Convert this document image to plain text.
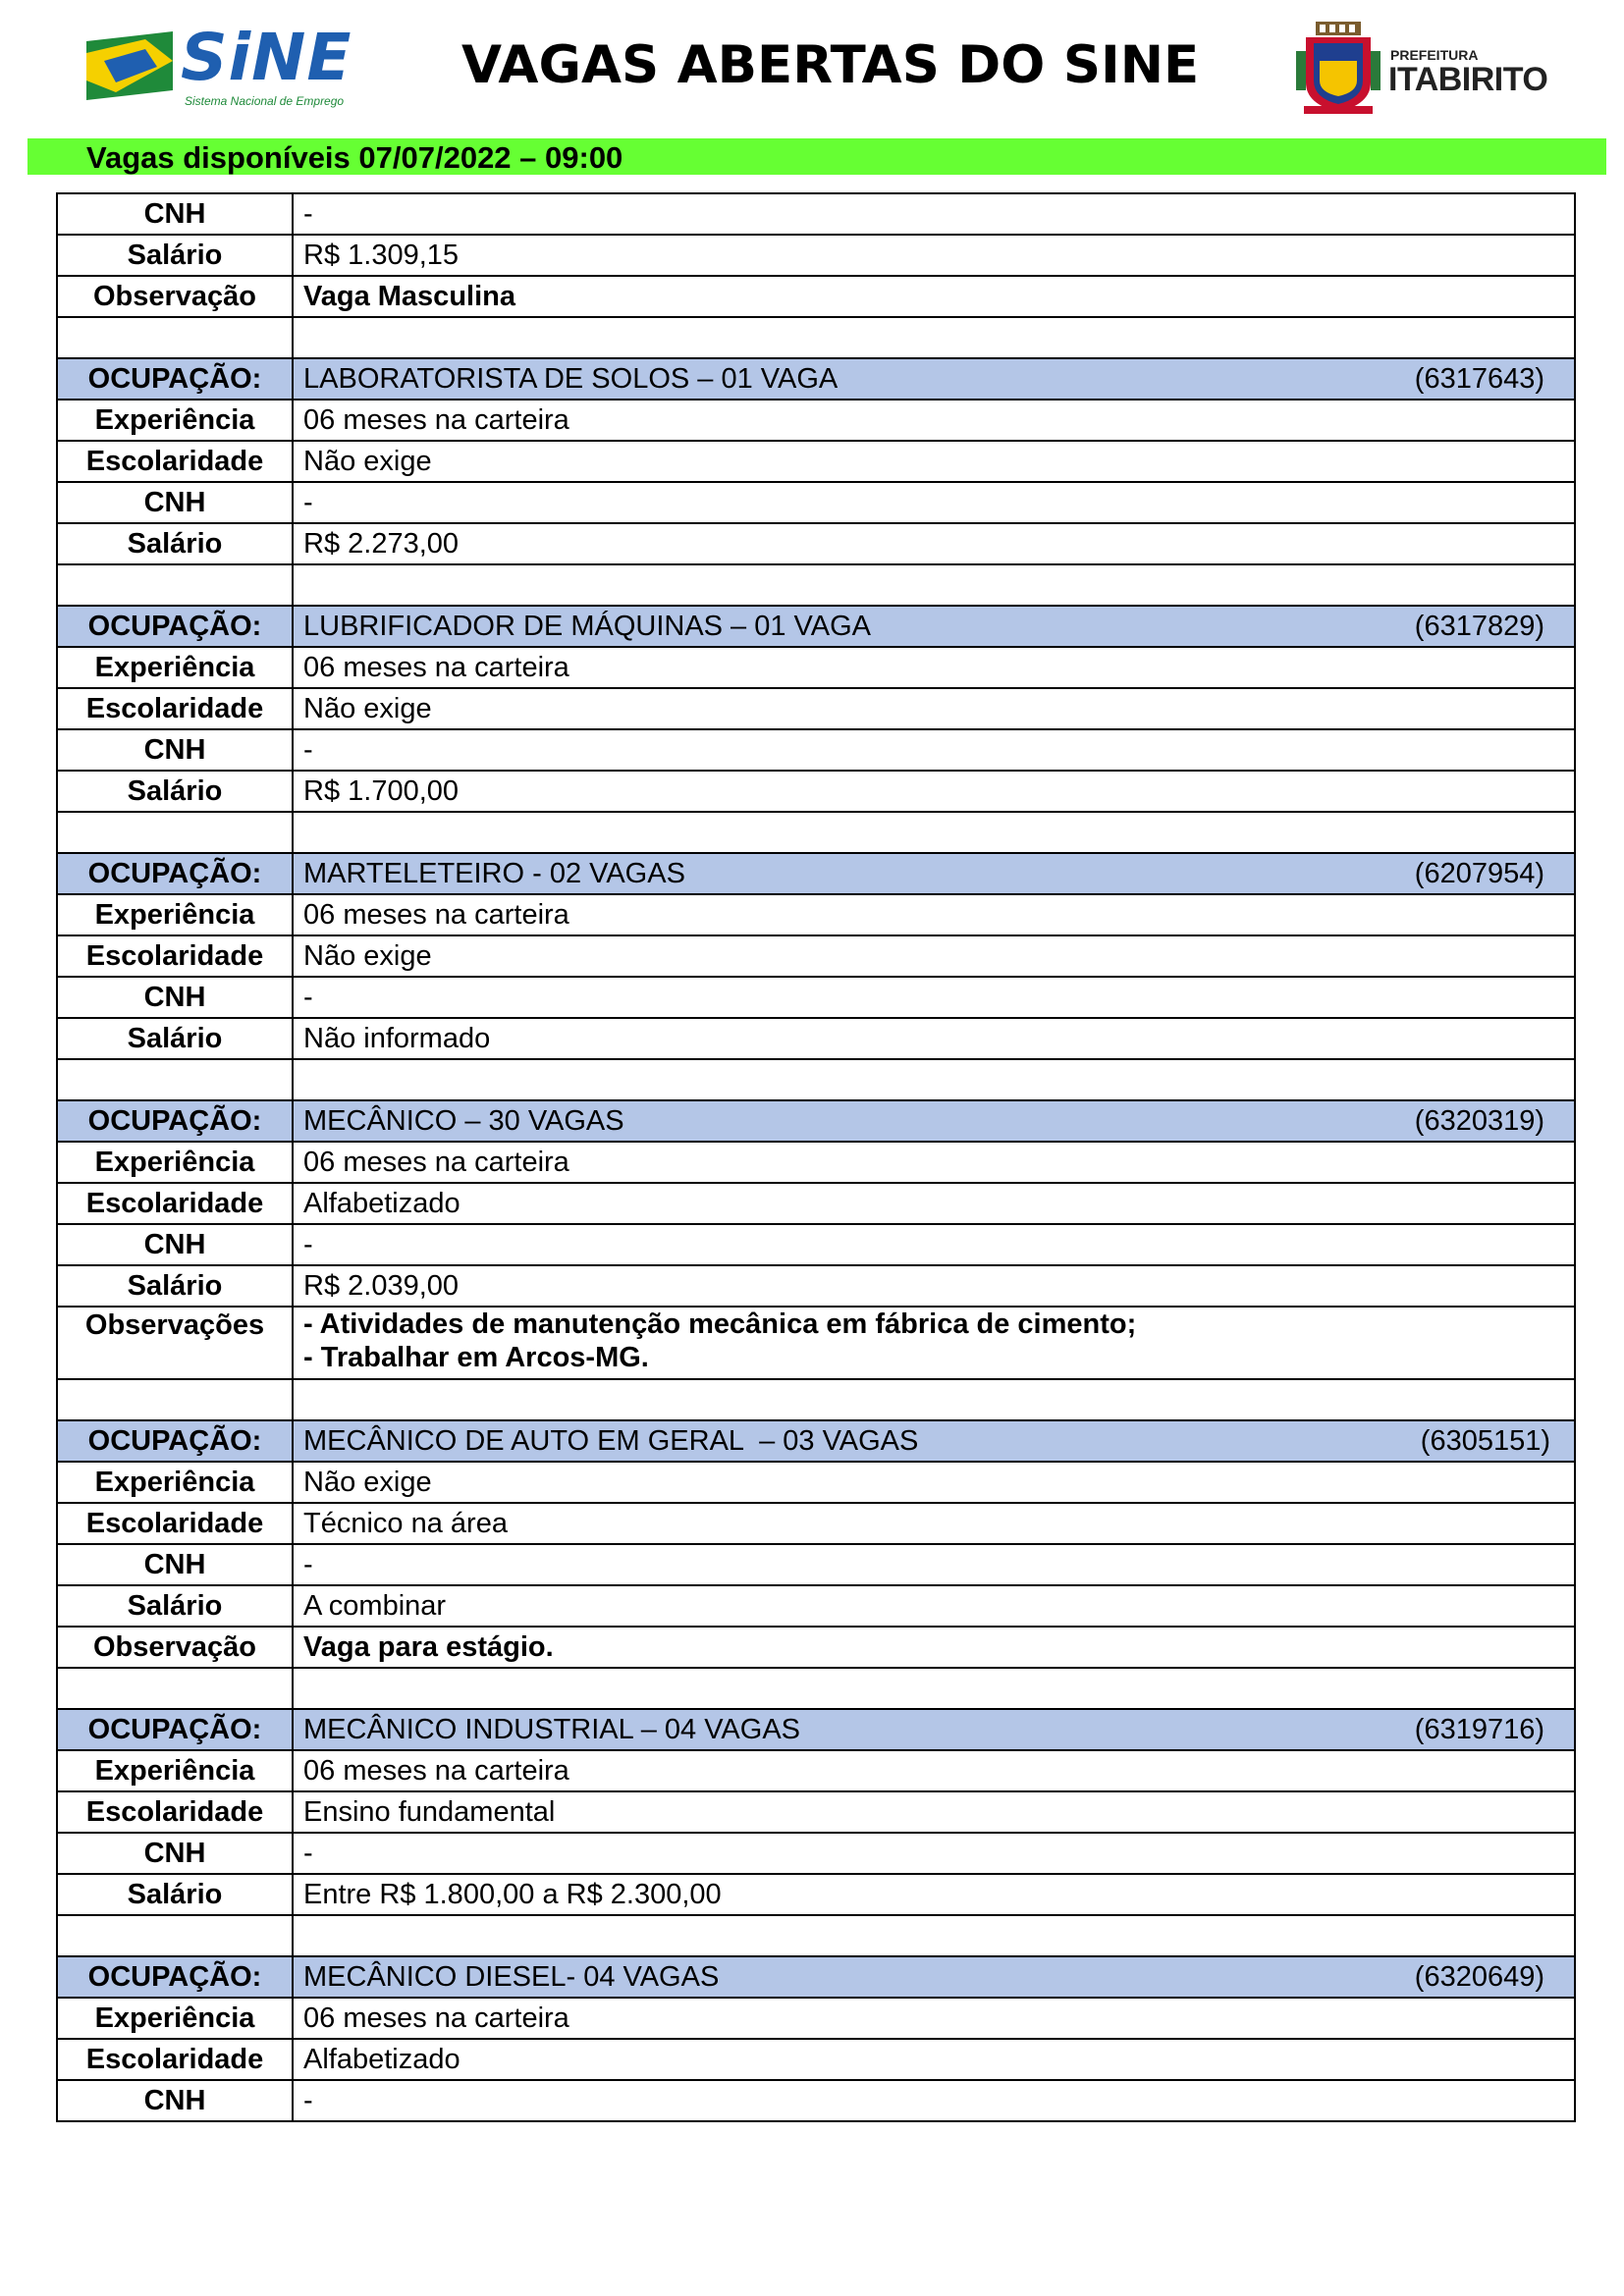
SiNE
Sistema Nacional de Emprego
VAGAS ABERTAS DO SINE	PREFEITURA
ITABIRITO
Vagas disponíveis 07/07/2022 – 09:00
CNH	-
Salário	R$ 1.309,15
Observação	Vaga Masculina

OCUPAÇÃO:	LABORATORISTA DE SOLOS – 01 VAGA (6317643)

Experiência	06 meses na carteira
Escolaridade	Não exige
CNH	-
Salário	R$ 2.273,00

OCUPAÇÃO:	LUBRIFICADOR DE MÁQUINAS – 01 VAGA (6317829)

Experiência	06 meses na carteira
Escolaridade	Não exige
CNH	-
Salário	R$ 1.700,00

OCUPAÇÃO:	MARTELETEIRO - 02 VAGAS (6207954)

Experiência	06 meses na carteira
Escolaridade	Não exige
CNH	-
Salário	Não informado

OCUPAÇÃO:	MECÂNICO – 30 VAGAS (6320319)

Experiência	06 meses na carteira
Escolaridade	Alfabetizado
CNH	-
Salário	R$ 2.039,00
Observações	- Atividades de manutenção mecânica em fábrica de cimento;
- Trabalhar em Arcos-MG.

OCUPAÇÃO:	MECÂNICO DE AUTO EM GERAL  – 03 VAGAS (6305151)

Experiência	Não exige
Escolaridade	Técnico na área
CNH	-
Salário	A combinar
Observação	Vaga para estágio.

OCUPAÇÃO:	MECÂNICO INDUSTRIAL – 04 VAGAS (6319716)

Experiência	06 meses na carteira
Escolaridade	Ensino fundamental
CNH	-
Salário	Entre R$ 1.800,00 a R$ 2.300,00

OCUPAÇÃO:	MECÂNICO DIESEL- 04 VAGAS (6320649)

Experiência	06 meses na carteira
Escolaridade	Alfabetizado
CNH	-
